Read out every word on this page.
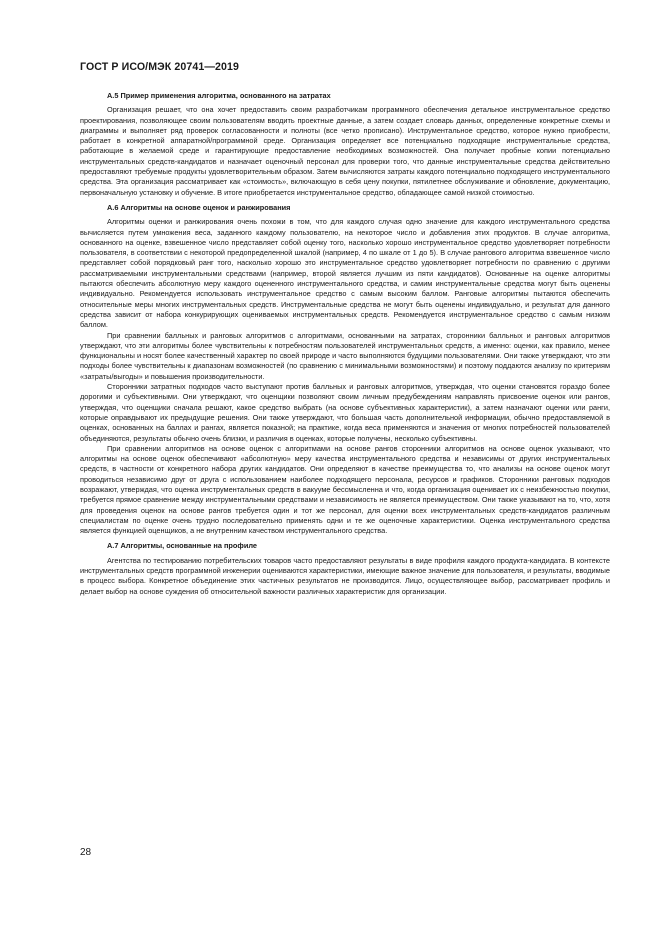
ГОСТ Р ИСО/МЭК 20741—2019

А.5 Пример применения алгоритма, основанного на затратах

Организация решает, что она хочет предоставить своим разработчикам программного обеспечения детальное инструментальное средство проектирования, позволяющее своим пользователям вводить проектные данные, а затем создает словарь данных, определенные конкретные схемы и диаграммы и выполняет ряд проверок согласованности и полноты (все четко прописано). Инструментальное средство, которое нужно приобрести, работает в конкретной аппаратной/программной среде. Организация определяет все потенциально подходящие инструментальные средства, работающие в желаемой среде и гарантирующие предоставление необходимых возможностей. Она получает пробные копии потенциально инструментальных средств-кандидатов и назначает оценочный персонал для проверки того, что данные инструментальные средства действительно предоставляют требуемые продукты удовлетворительным образом. Затем вычисляются затраты каждого потенциально подходящего инструментального средства. Эта организация рассматривает как «стоимость», включающую в себя цену покупки, пятилетнее обслуживание и обновление, документацию, первоначальную установку и обучение. В итоге приобретается инструментальное средство, обладающее самой низкой стоимостью.

А.6 Алгоритмы на основе оценок и ранжирования

Алгоритмы оценки и ранжирования очень похожи в том, что для каждого случая одно значение для каждого инструментального средства вычисляется путем умножения веса, заданного каждому пользователю, на некоторое число и добавления этих продуктов. В случае алгоритма, основанного на оценке, взвешенное число представляет собой оценку того, насколько хорошо инструментальное средство удовлетворяет потребности пользователя, в соответствии с некоторой предопределенной шкалой (например, 4 по шкале от 1 до 5). В случае рангового алгоритма взвешенное число представляет собой порядковый ранг того, насколько хорошо это инструментальное средство удовлетворяет потребности по сравнению с другими рассматриваемыми инструментальными средствами (например, второй является лучшим из пяти кандидатов). Основанные на оценке алгоритмы пытаются обеспечить абсолютную меру каждого оцененного инструментального средства, и самим инструментальные средства могут быть оценены индивидуально. Рекомендуется использовать инструментальное средство с самым высоким баллом. Ранговые алгоритмы пытаются обеспечить относительные меры многих инструментальных средств. Инструментальные средства не могут быть оценены индивидуально, и результат для данного средства зависит от набора конкурирующих оцениваемых инструментальных средств. Рекомендуется инструментальное средство с самым низким баллом.

При сравнении балльных и ранговых алгоритмов с алгоритмами, основанными на затратах, сторонники балльных и ранговых алгоритмов утверждают, что эти алгоритмы более чувствительны к потребностям пользователей инструментальных средств, а именно: оценки, как правило, менее функциональны и носят более качественный характер по своей природе и часто выполняются будущими пользователями. Они также утверждают, что эти подходы более чувствительны к диапазонам возможностей (по сравнению с минимальными возможностями) и поэтому поддаются анализу по критериям «затраты/выгоды» и повышения производительности.

Сторонники затратных подходов часто выступают против балльных и ранговых алгоритмов, утверждая, что оценки становятся гораздо более дорогими и субъективными. Они утверждают, что оценщики позволяют своим личным предубеждениям направлять присвоение оценок или рангов, утверждая, что оценщики сначала решают, какое средство выбрать (на основе субъективных характеристик), а затем назначают оценки или ранги, которые оправдывают их предыдущие решения. Они также утверждают, что большая часть дополнительной информации, обычно предоставляемой в оценках, основанных на баллах и рангах, является показной; на практике, когда веса применяются и значения от многих потребностей пользователей объединяются, результаты обычно очень близки, и различия в оценках, которые получены, несколько субъективны.

При сравнении алгоритмов на основе оценок с алгоритмами на основе рангов сторонники алгоритмов на основе оценок указывают, что алгоритмы на основе оценок обеспечивают «абсолютную» меру качества инструментального средства и независимы от других инструментальных средств, в частности от конкретного набора других кандидатов. Они определяют в качестве преимущества то, что анализы на основе оценок могут проводиться независимо друг от друга с использованием наиболее подходящего персонала, ресурсов и графиков. Сторонники ранговых подходов возражают, утверждая, что оценка инструментальных средств в вакууме бессмысленна и что, когда организация оценивает их с неизбежностью покупки, требуется прямое сравнение между инструментальными средствами и независимость не является преимуществом. Они также указывают на то, что, хотя для проведения оценок на основе рангов требуется один и тот же персонал, для оценки всех инструментальных средств-кандидатов различным специалистам по оценке очень трудно последовательно применять одни и те же оценочные характеристики. Оценка инструментального средства является функцией оценщиков, а не внутренним качеством инструментального средства.

А.7 Алгоритмы, основанные на профиле

Агентства по тестированию потребительских товаров часто предоставляют результаты в виде профиля каждого продукта-кандидата. В контексте инструментальных средств программной инженерии оцениваются характеристики, имеющие важное значение для пользователя, и результаты, вводимые в процесс выбора. Конкретное объединение этих частичных результатов не производится. Лицо, осуществляющее выбор, рассматривает профиль и делает выбор на основе суждения об относительной важности различных характеристик для организации.

28
